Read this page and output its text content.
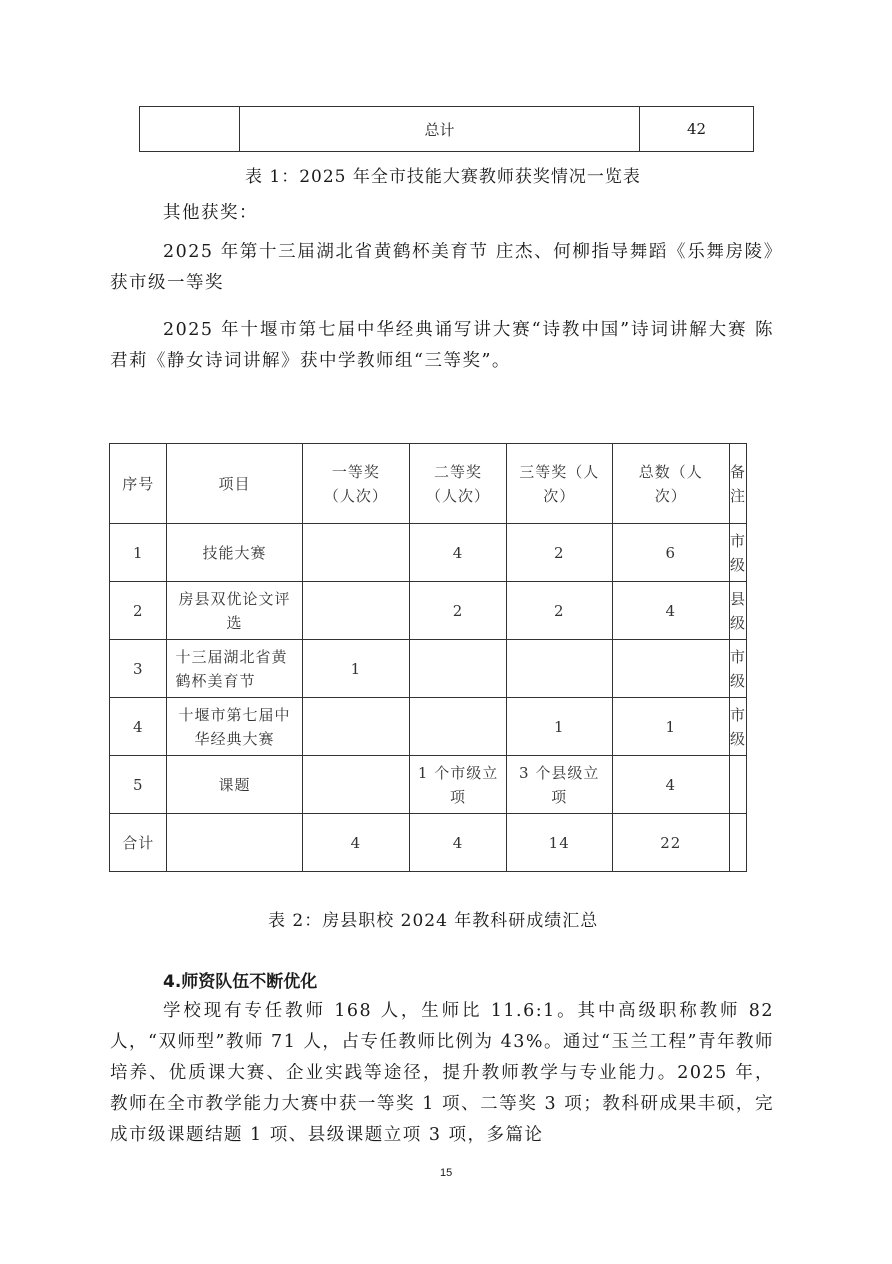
	总计	42
表 1：2025 年全市技能大赛教师获奖情况一览表
其他获奖：
2025 年第十三届湖北省黄鹤杯美育节 庄杰、何柳指导舞蹈《乐舞房陵》获市级一等奖
2025 年十堰市第七届中华经典诵写讲大赛“诗教中国”诗词讲解大赛 陈君莉《静女诗词讲解》获中学教师组“三等奖”。
序号	项目	一等奖（人次）	二等奖（人次）	三等奖（人次）	总数（人次）	备注
1	技能大赛		4	2	6	市级
2	房县双优论文评选		2	2	4	县级
3	十三届湖北省黄鹤杯美育节	1				市级
4	十堰市第七届中华经典大赛			1	1	市级
5	课题		1 个市级立项	3 个县级立项	4	
合计		4	4	14	22	
表 2：房县职校 2024 年教科研成绩汇总
4.师资队伍不断优化
学校现有专任教师 168 人，生师比 11.6:1。其中高级职称教师 82 人，“双师型”教师 71 人，占专任教师比例为 43%。通过“玉兰工程”青年教师培养、优质课大赛、企业实践等途径，提升教师教学与专业能力。2025 年，教师在全市教学能力大赛中获一等奖 1 项、二等奖 3 项；教科研成果丰硕，完成市级课题结题 1 项、县级课题立项 3 项，多篇论
15
